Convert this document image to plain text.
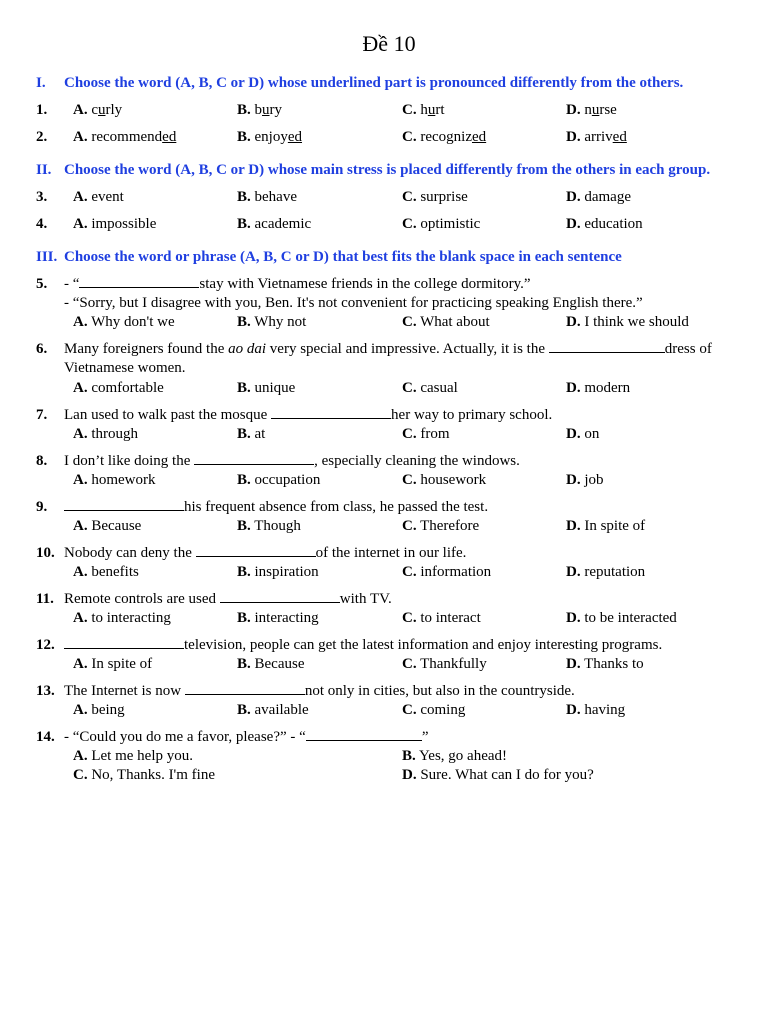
Đề 10
I. Choose the word (A, B, C or D) whose underlined part is pronounced differently from the others.
1. A. curly	B. bury	C. hurt	D. nurse
2. A. recommended	B. enjoyed	C. recognized	D. arrived
II. Choose the word (A, B, C or D) whose main stress is placed differently from the others in each group.
3. A. event	B. behave	C. surprise	D. damage
4. A. impossible	B. academic	C. optimistic	D. education
III. Choose the word or phrase (A, B, C or D) that best fits the blank space in each sentence
5. - “	stay with Vietnamese friends in the college dormitory.”
- “Sorry, but I disagree with you, Ben. It's not convenient for practicing speaking English there.”
A. Why don't we	B. Why not	C. What about	D. I think we should
6. Many foreigners found the ao dai very special and impressive. Actually, it is the	dress of
Vietnamese women.
A. comfortable	B. unique	C. casual	D. modern
7. Lan used to walk past the mosque	her way to primary school.
A. through	B. at	C. from	D. on
8. I don’t like doing the	, especially cleaning the windows.
A. homework	B. occupation	C. housework	D. job
9.	his frequent absence from class, he passed the test.
A. Because	B. Though	C. Therefore	D. In spite of
10. Nobody can deny the	of the internet in our life.
A. benefits	B. inspiration	C. information	D. reputation
11. Remote controls are used	with TV.
A. to interacting	B. interacting	C. to interact	D. to be interacted
12.	television, people can get the latest information and enjoy interesting programs.
A. In spite of	B. Because	C. Thankfully	D. Thanks to
13. The Internet is now	not only in cities, but also in the countryside.
A. being	B. available	C. coming	D. having
14. - “Could you do me a favor, please?” - “	”
A. Let me help you.	B. Yes, go ahead!
C. No, Thanks. I'm fine	D. Sure. What can I do for you?
